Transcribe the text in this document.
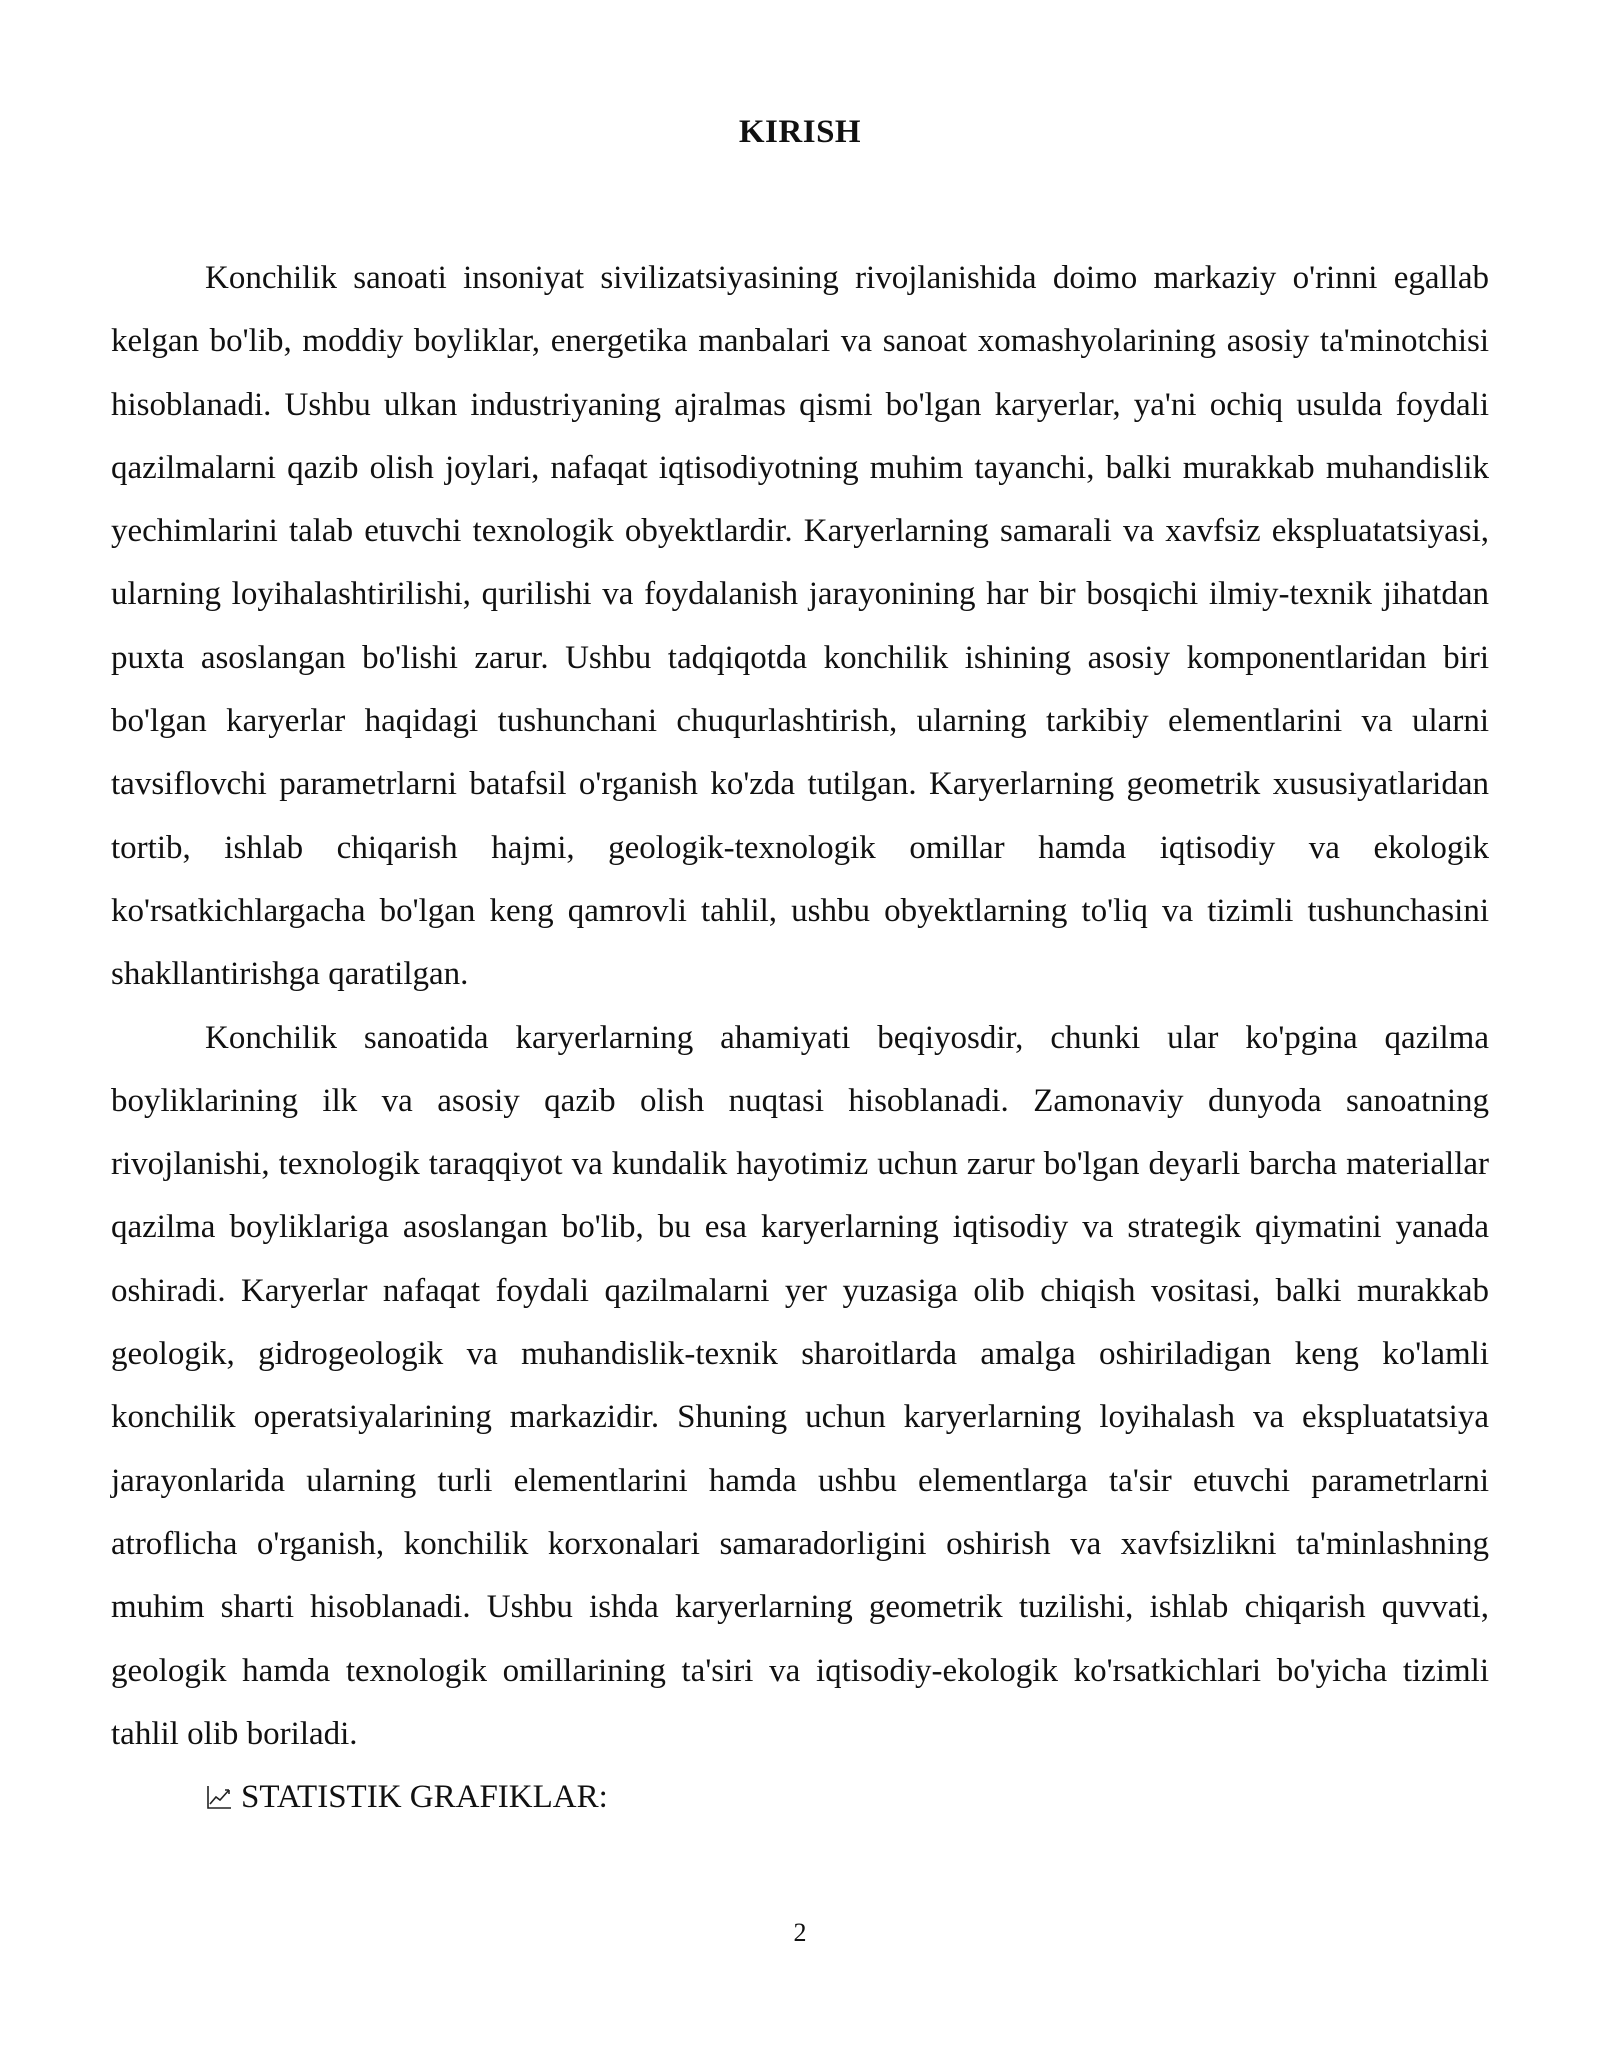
KIRISH

Konchilik sanoati insoniyat sivilizatsiyasining rivojlanishida doimo markaziy o'rinni egallab kelgan bo'lib, moddiy boyliklar, energetika manbalari va sanoat xomashyolarining asosiy ta'minotchisi hisoblanadi. Ushbu ulkan industriyaning ajralmas qismi bo'lgan karyerlar, ya'ni ochiq usulda foydali qazilmalarni qazib olish joylari, nafaqat iqtisodiyotning muhim tayanchi, balki murakkab muhandislik yechimlarini talab etuvchi texnologik obyektlardir. Karyerlarning samarali va xavfsiz ekspluatatsiyasi, ularning loyihalashtirilishi, qurilishi va foydalanish jarayonining har bir bosqichi ilmiy-texnik jihatdan puxta asoslangan bo'lishi zarur. Ushbu tadqiqotda konchilik ishining asosiy komponentlaridan biri bo'lgan karyerlar haqidagi tushunchani chuqurlashtirish, ularning tarkibiy elementlarini va ularni tavsiflovchi parametrlarni batafsil o'rganish ko'zda tutilgan. Karyerlarning geometrik xususiyatlaridan tortib, ishlab chiqarish hajmi, geologik-texnologik omillar hamda iqtisodiy va ekologik ko'rsatkichlargacha bo'lgan keng qamrovli tahlil, ushbu obyektlarning to'liq va tizimli tushunchasini shakllantirishga qaratilgan.

Konchilik sanoatida karyerlarning ahamiyati beqiyosdir, chunki ular ko'pgina qazilma boyliklarining ilk va asosiy qazib olish nuqtasi hisoblanadi. Zamonaviy dunyoda sanoatning rivojlanishi, texnologik taraqqiyot va kundalik hayotimiz uchun zarur bo'lgan deyarli barcha materiallar qazilma boyliklariga asoslangan bo'lib, bu esa karyerlarning iqtisodiy va strategik qiymatini yanada oshiradi. Karyerlar nafaqat foydali qazilmalarni yer yuzasiga olib chiqish vositasi, balki murakkab geologik, gidrogeologik va muhandislik-texnik sharoitlarda amalga oshiriladigan keng ko'lamli konchilik operatsiyalarining markazidir. Shuning uchun karyerlarning loyihalash va ekspluatatsiya jarayonlarida ularning turli elementlarini hamda ushbu elementlarga ta'sir etuvchi parametrlarni atroflicha o'rganish, konchilik korxonalari samaradorligini oshirish va xavfsizlikni ta'minlashning muhim sharti hisoblanadi. Ushbu ishda karyerlarning geometrik tuzilishi, ishlab chiqarish quvvati, geologik hamda texnologik omillarining ta'siri va iqtisodiy-ekologik ko'rsatkichlari bo'yicha tizimli tahlil olib boriladi.

STATISTIK GRAFIKLAR:

2
